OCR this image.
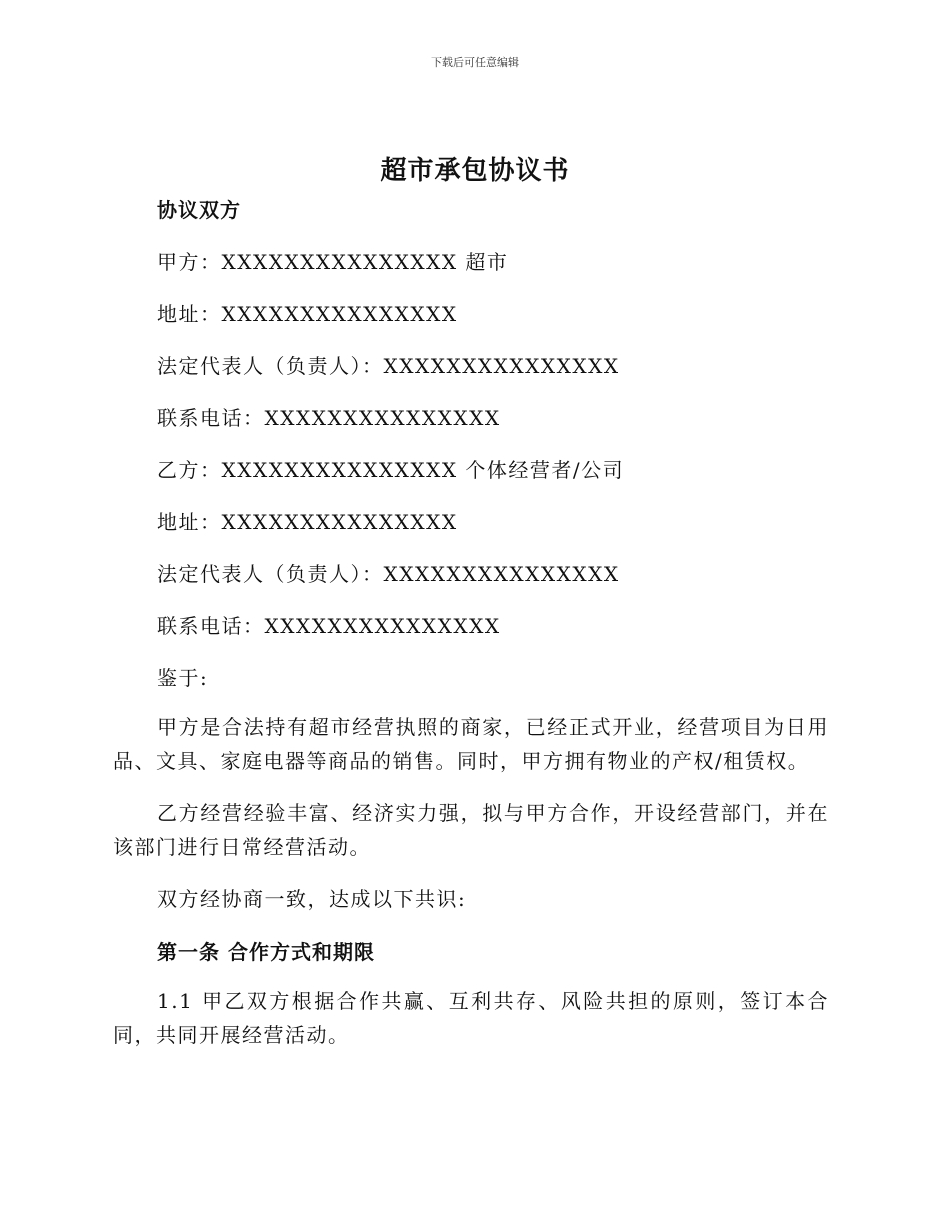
下载后可任意编辑
超市承包协议书

协议双方

甲方：XXXXXXXXXXXXXXX 超市

地址：XXXXXXXXXXXXXXX

法定代表人（负责人）：XXXXXXXXXXXXXXX

联系电话：XXXXXXXXXXXXXXX

乙方：XXXXXXXXXXXXXXX 个体经营者/公司

地址：XXXXXXXXXXXXXXX

法定代表人（负责人）：XXXXXXXXXXXXXXX

联系电话：XXXXXXXXXXXXXXX

鉴于:

甲方是合法持有超市经营执照的商家，已经正式开业，经营项目为日用品、文具、家庭电器等商品的销售。同时，甲方拥有物业的产权/租赁权。

乙方经营经验丰富、经济实力强，拟与甲方合作，开设经营部门，并在该部门进行日常经营活动。

双方经协商一致，达成以下共识:

第一条 合作方式和期限

1.1 甲乙双方根据合作共赢、互利共存、风险共担的原则，签订本合同，共同开展经营活动。
